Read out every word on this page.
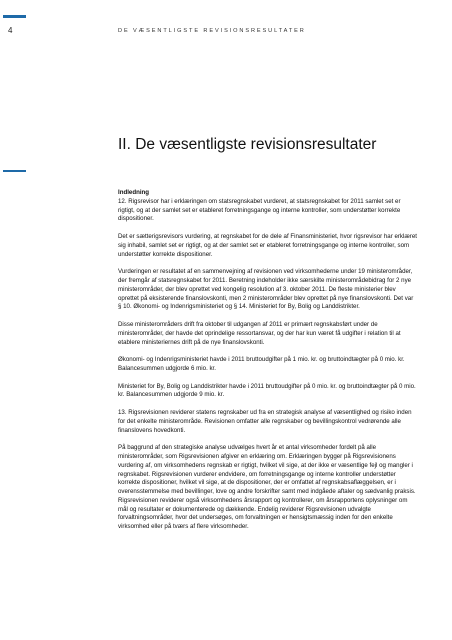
4	DE VÆSENTLIGSTE REVISIONSRESULTATER
II. De væsentligste revisionsresultater
Indledning

12. Rigsrevisor har i erklæringen om statsregnskabet vurderet, at statsregnskabet for 2011 samlet set er rigtigt, og at der samlet set er etableret forretningsgange og interne kontroller, som understøtter korrekte dispositioner.

Det er sætterigsrevisors vurdering, at regnskabet for de dele af Finansministeriet, hvor rigsrevisor har erklæret sig inhabil, samlet set er rigtigt, og at der samlet set er etableret forretningsgange og interne kontroller, som understøtter korrekte dispositioner.

Vurderingen er resultatet af en sammenvejning af revisionen ved virksomhederne under 19 ministerområder, der fremgår af statsregnskabet for 2011. Beretning indeholder ikke særskilte ministerområdebidrag for 2 nye ministerområder, der blev oprettet ved kongelig resolution af 3. oktober 2011. De fleste ministerier blev oprettet på eksisterende finanslovskonti, men 2 ministerområder blev oprettet på nye finanslovskonti. Det var § 10. Økonomi- og Indenrigsministeriet og § 14. Ministeriet for By, Bolig og Landdistrikter.

Disse ministerområders drift fra oktober til udgangen af 2011 er primært regnskabsført under de ministerområder, der havde det oprindelige ressortansvar, og der har kun været få udgifter i relation til at etablere ministeriernes drift på de nye finanslovskonti.

Økonomi- og Indenrigsministeriet havde i 2011 bruttoudgifter på 1 mio. kr. og bruttoindtægter på 0 mio. kr. Balancesummen udgjorde 6 mio. kr.

Ministeriet for By, Bolig og Landdistrikter havde i 2011 bruttoudgifter på 0 mio. kr. og bruttoindtægter på 0 mio. kr. Balancesummen udgjorde 9 mio. kr.

13. Rigsrevisionen reviderer statens regnskaber ud fra en strategisk analyse af væsentlighed og risiko inden for det enkelte ministerområde. Revisionen omfatter alle regnskaber og bevillingskontrol vedrørende alle finanslovens hovedkonti.

På baggrund af den strategiske analyse udvælges hvert år et antal virksomheder fordelt på alle ministerområder, som Rigsrevisionen afgiver en erklæring om. Erklæringen bygger på Rigsrevisionens vurdering af, om virksomhedens regnskab er rigtigt, hvilket vil sige, at der ikke er væsentlige fejl og mangler i regnskabet. Rigsrevisionen vurderer endvidere, om forretningsgange og interne kontroller understøtter korrekte dispositioner, hvilket vil sige, at de dispositioner, der er omfattet af regnskabsaflæggelsen, er i overensstemmelse med bevillinger, love og andre forskrifter samt med indgåede aftaler og sædvanlig praksis. Rigsrevisionen reviderer også virksomhedens årsrapport og kontrollerer, om årsrapportens oplysninger om mål og resultater er dokumenterede og dækkende. Endelig reviderer Rigsrevisionen udvalgte forvaltningsområder, hvor det undersøges, om forvaltningen er hensigtsmæssig inden for den enkelte virksomhed eller på tværs af flere virksomheder.
